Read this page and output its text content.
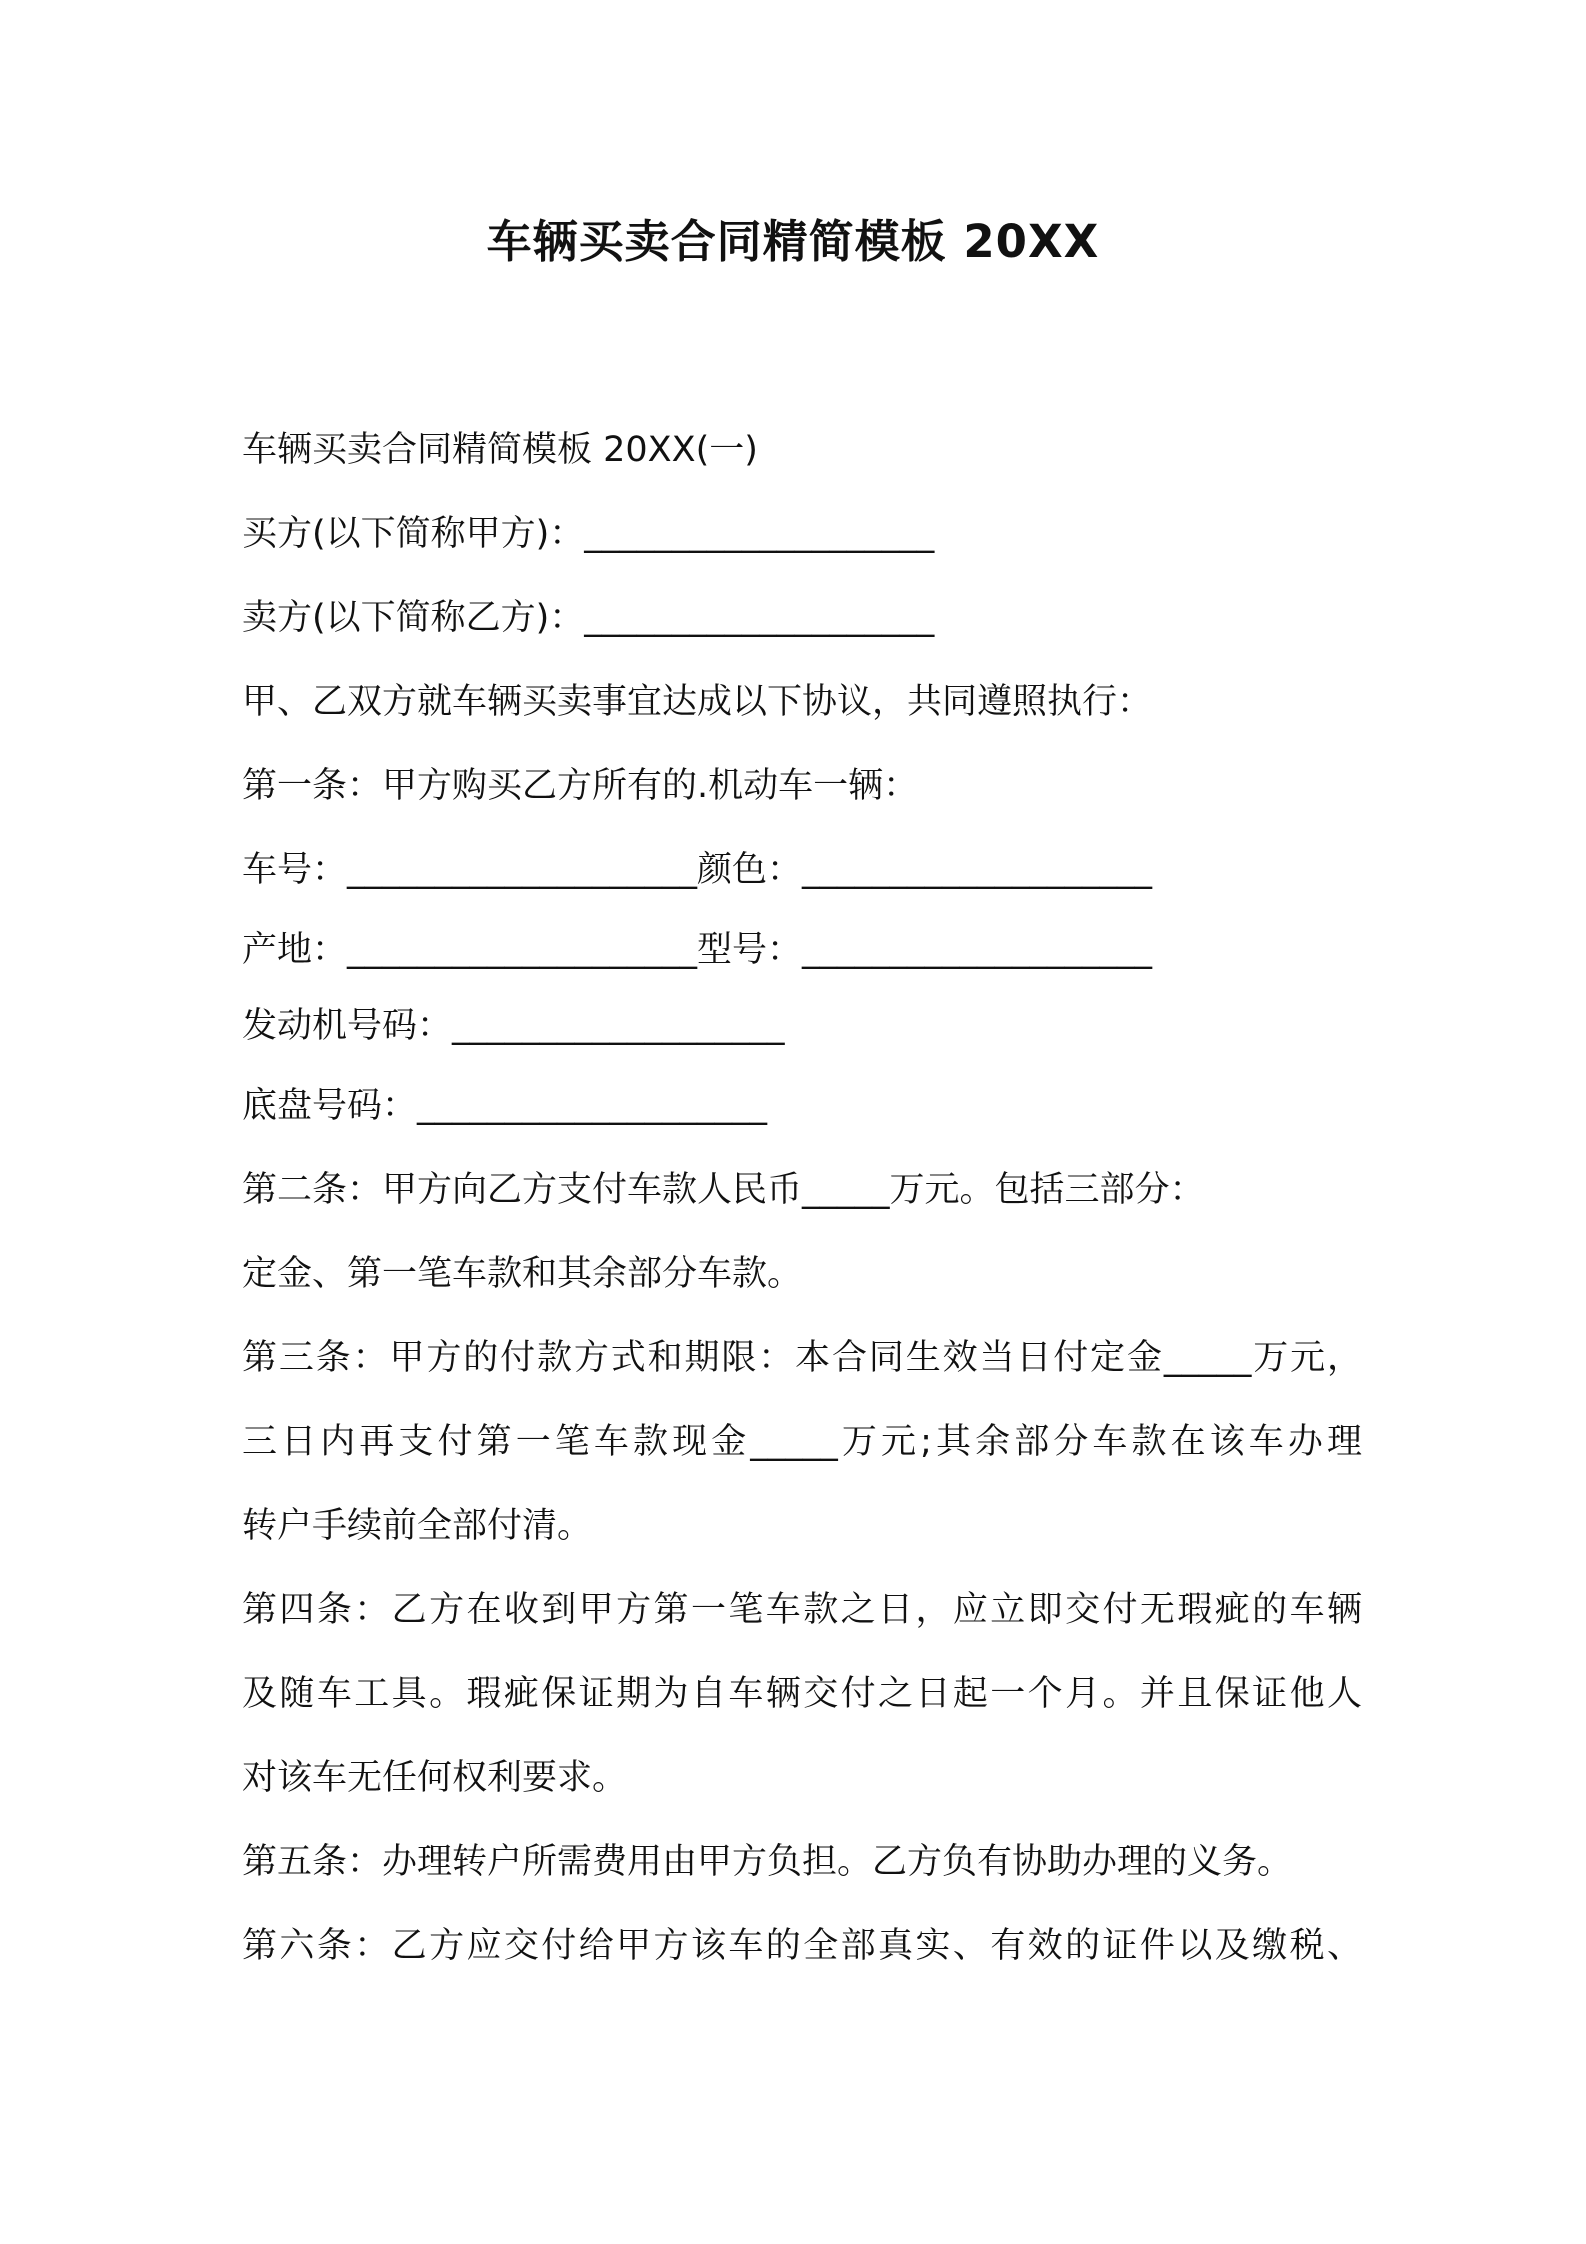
车辆买卖合同精简模板 20XX
车辆买卖合同精简模板 20XX(一)
买方(以下简称甲方)：____________________
卖方(以下简称乙方)：____________________
甲、乙双方就车辆买卖事宜达成以下协议，共同遵照执行：
第一条：甲方购买乙方所有的.机动车一辆：
车号：____________________颜色：____________________
产地：____________________型号：____________________
发动机号码：___________________
底盘号码：____________________
第二条：甲方向乙方支付车款人民币_____万元。包括三部分：
定金、第一笔车款和其余部分车款。
第三条：甲方的付款方式和期限：本合同生效当日付定金_____万元，
三日内再支付第一笔车款现金_____万元;其余部分车款在该车办理
转户手续前全部付清。
第四条：乙方在收到甲方第一笔车款之日，应立即交付无瑕疵的车辆
及随车工具。瑕疵保证期为自车辆交付之日起一个月。并且保证他人
对该车无任何权利要求。
第五条：办理转户所需费用由甲方负担。乙方负有协助办理的义务。
第六条：乙方应交付给甲方该车的全部真实、有效的证件以及缴税、
